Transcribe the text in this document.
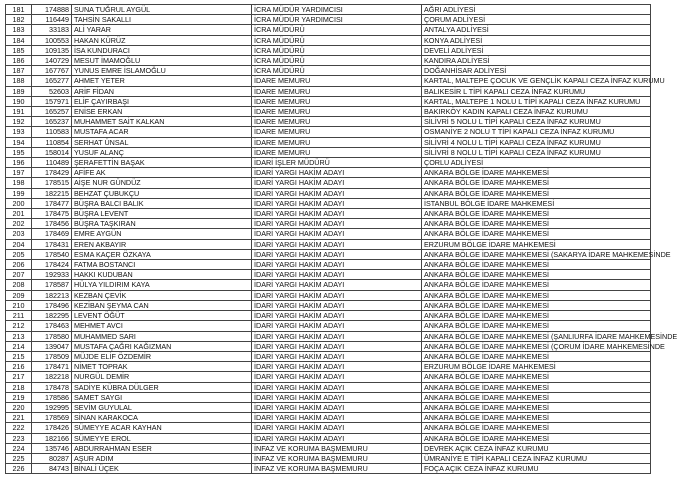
181	174888	SUNA TUĞRUL AYGÜL	İCRA MÜDÜR YARDIMCISI	AĞRI ADLİYESİ
182	116449	TAHSİN SAKALLI	İCRA MÜDÜR YARDIMCISI	ÇORUM ADLİYESİ
183	33183	ALİ YARAR	İCRA MÜDÜRÜ	ANTALYA ADLİYESİ
184	100553	HAKAN KÜRÜZ	İCRA MÜDÜRÜ	KONYA ADLİYESİ
185	109135	İSA KUNDURACI	İCRA MÜDÜRÜ	DEVELİ ADLİYESİ
186	140729	MESUT İMAMOĞLU	İCRA MÜDÜRÜ	KANDIRA ADLİYESİ
187	167767	YUNUS EMRE İSLAMOĞLU	İCRA MÜDÜRÜ	DOĞANHİSAR ADLİYESİ
188	165277	AHMET YETER	İDARE MEMURU	KARTAL, MALTEPE ÇOCUK VE GENÇLİK KAPALI CEZA İNFAZ KURUMU
189	52603	ARİF FİDAN	İDARE MEMURU	BALIKESİR L TİPİ KAPALI CEZA İNFAZ KURUMU
190	157971	ELİF ÇAYIRBAŞI	İDARE MEMURU	KARTAL, MALTEPE 1 NOLU L TİPİ KAPALI CEZA İNFAZ KURUMU
191	165257	ENİSE ERKAN	İDARE MEMURU	BAKIRKÖY KADIN KAPALI CEZA İNFAZ KURUMU
192	165237	MUHAMMET SAİT KALKAN	İDARE MEMURU	SİLİVRİ 5 NOLU L TİPİ KAPALI CEZA İNFAZ KURUMU
193	110583	MUSTAFA ACAR	İDARE MEMURU	OSMANİYE 2 NOLU T TİPİ KAPALI CEZA İNFAZ KURUMU
194	110854	SERHAT ÜNSAL	İDARE MEMURU	SİLİVRİ 4 NOLU L TİPİ KAPALI CEZA İNFAZ KURUMU
195	158014	YUSUF ALANÇ	İDARE MEMURU	SİLİVRİ 8 NOLU L TİPİ KAPALI CEZA İNFAZ KURUMU
196	110489	ŞERAFETTİN BAŞAK	İDARİ İŞLER MÜDÜRÜ	ÇORLU ADLİYESİ
197	178429	AFİFE AK	İDARİ YARGI HAKİM ADAYI	ANKARA BÖLGE İDARE MAHKEMESİ
198	178515	AİŞE NUR GÜNDÜZ	İDARİ YARGI HAKİM ADAYI	ANKARA BÖLGE İDARE MAHKEMESİ
199	182215	BEHZAT ÇUBUKÇU	İDARİ YARGI HAKİM ADAYI	ANKARA BÖLGE İDARE MAHKEMESİ
200	178477	BÜŞRA BALCI BALIK	İDARİ YARGI HAKİM ADAYI	İSTANBUL BÖLGE İDARE MAHKEMESİ
201	178475	BÜŞRA LEVENT	İDARİ YARGI HAKİM ADAYI	ANKARA BÖLGE İDARE MAHKEMESİ
202	178456	BÜŞRA TAŞKIRAN	İDARİ YARGI HAKİM ADAYI	ANKARA BÖLGE İDARE MAHKEMESİ
203	178469	EMRE AYGÜN	İDARİ YARGI HAKİM ADAYI	ANKARA BÖLGE İDARE MAHKEMESİ
204	178431	EREN AKBAYIR	İDARİ YARGI HAKİM ADAYI	ERZURUM BÖLGE İDARE MAHKEMESİ
205	178540	ESMA KAÇER ÖZKAYA	İDARİ YARGI HAKİM ADAYI	ANKARA BÖLGE İDARE MAHKEMESİ (SAKARYA İDARE MAHKEMESİNDE
206	178424	FATMA BOSTANCI	İDARİ YARGI HAKİM ADAYI	ANKARA BÖLGE İDARE MAHKEMESİ
207	192933	HAKKI KUDUBAN	İDARİ YARGI HAKİM ADAYI	ANKARA BÖLGE İDARE MAHKEMESİ
208	178587	HÜLYA YILDIRIM KAYA	İDARİ YARGI HAKİM ADAYI	ANKARA BÖLGE İDARE MAHKEMESİ
209	182213	KEZBAN ÇEVİK	İDARİ YARGI HAKİM ADAYI	ANKARA BÖLGE İDARE MAHKEMESİ
210	178496	KEZİBAN ŞEYMA CAN	İDARİ YARGI HAKİM ADAYI	ANKARA BÖLGE İDARE MAHKEMESİ
211	182295	LEVENT ÖĞÜT	İDARİ YARGI HAKİM ADAYI	ANKARA BÖLGE İDARE MAHKEMESİ
212	178463	MEHMET AVCI	İDARİ YARGI HAKİM ADAYI	ANKARA BÖLGE İDARE MAHKEMESİ
213	178580	MUHAMMED SARI	İDARİ YARGI HAKİM ADAYI	ANKARA BÖLGE İDARE MAHKEMESİ (ŞANLIURFA İDARE MAHKEMESİNDE
214	139047	MUSTAFA ÇAĞRI KAĞIZMAN	İDARİ YARGI HAKİM ADAYI	ANKARA BÖLGE İDARE MAHKEMESİ (ÇORUM İDARE MAHKEMESİNDE
215	178509	MÜJDE ELİF ÖZDEMİR	İDARİ YARGI HAKİM ADAYI	ANKARA BÖLGE İDARE MAHKEMESİ
216	178471	NİMET TOPRAK	İDARİ YARGI HAKİM ADAYI	ERZURUM BÖLGE İDARE MAHKEMESİ
217	182218	NURGÜL DEMİR	İDARİ YARGI HAKİM ADAYI	ANKARA BÖLGE İDARE MAHKEMESİ
218	178478	SADİYE KÜBRA DÜLGER	İDARİ YARGI HAKİM ADAYI	ANKARA BÖLGE İDARE MAHKEMESİ
219	178586	SAMET SAYGI	İDARİ YARGI HAKİM ADAYI	ANKARA BÖLGE İDARE MAHKEMESİ
220	192995	SEVİM GUYULAL	İDARİ YARGI HAKİM ADAYI	ANKARA BÖLGE İDARE MAHKEMESİ
221	178569	SİNAN KARAKOCA	İDARİ YARGI HAKİM ADAYI	ANKARA BÖLGE İDARE MAHKEMESİ
222	178426	SÜMEYYE ACAR KAYHAN	İDARİ YARGI HAKİM ADAYI	ANKARA BÖLGE İDARE MAHKEMESİ
223	182166	SÜMEYYE EROL	İDARİ YARGI HAKİM ADAYI	ANKARA BÖLGE İDARE MAHKEMESİ
224	135746	ABDURRAHMAN ESER	İNFAZ VE KORUMA BAŞMEMURU	DEVREK AÇIK CEZA İNFAZ KURUMU
225	80287	AŞUR ADIM	İNFAZ VE KORUMA BAŞMEMURU	ÜMRANİYE E TİPİ KAPALI CEZA İNFAZ KURUMU
226	84743	BİNALİ ÜÇEK	İNFAZ VE KORUMA BAŞMEMURU	FOÇA AÇIK CEZA İNFAZ KURUMU
